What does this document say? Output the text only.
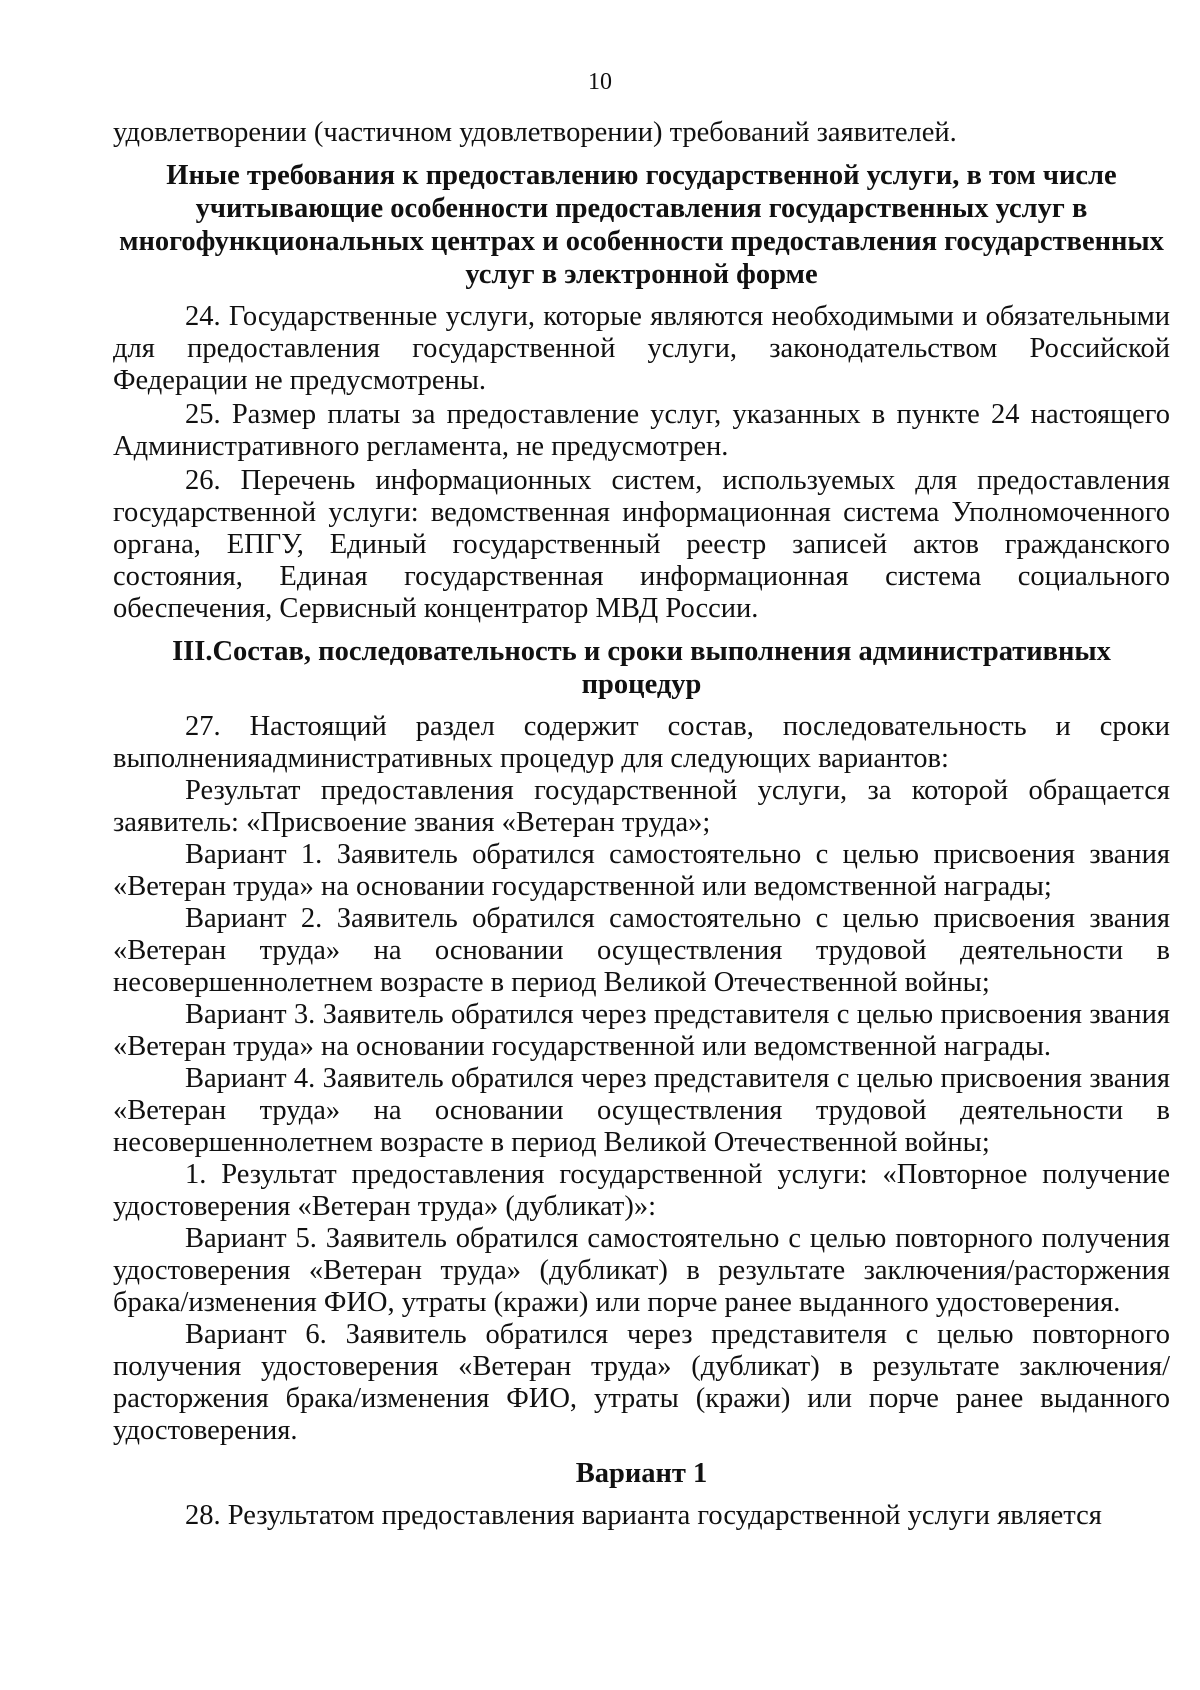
10

удовлетворении (частичном удовлетворении) требований заявителей.

Иные требования к предоставлению государственной услуги, в том числе учитывающие особенности предоставления государственных услуг в многофункциональных центрах и особенности предоставления государственных услуг в электронной форме

24. Государственные услуги, которые являются необходимыми и обязательными для предоставления государственной услуги, законодательством Российской Федерации не предусмотрены.

25. Размер платы за предоставление услуг, указанных в пункте 24 настоящего Административного регламента, не предусмотрен.

26. Перечень информационных систем, используемых для предоставления государственной услуги: ведомственная информационная система Уполномоченного органа, ЕПГУ, Единый государственный реестр записей актов гражданского состояния, Единая государственная информационная система социального обеспечения, Сервисный концентратор МВД России.

III.Состав, последовательность и сроки выполнения административных процедур

27. Настоящий раздел содержит состав, последовательность и сроки выполненияадминистративных процедур для следующих вариантов:

Результат предоставления государственной услуги, за которой обращается заявитель: «Присвоение звания «Ветеран труда»;

Вариант 1. Заявитель обратился самостоятельно с целью присвоения звания «Ветеран труда» на основании государственной или ведомственной награды;

Вариант 2. Заявитель обратился самостоятельно с целью присвоения звания «Ветеран труда» на основании осуществления трудовой деятельности в несовершеннолетнем возрасте в период Великой Отечественной войны;

Вариант 3. Заявитель обратился через представителя с целью присвоения звания «Ветеран труда» на основании государственной или ведомственной награды.

Вариант 4. Заявитель обратился через представителя с целью присвоения звания «Ветеран труда» на основании осуществления трудовой деятельности в несовершеннолетнем возрасте в период Великой Отечественной войны;

1. Результат предоставления государственной услуги: «Повторное получение удостоверения «Ветеран труда» (дубликат)»:

Вариант 5. Заявитель обратился самостоятельно с целью повторного получения удостоверения «Ветеран труда» (дубликат) в результате заключения/расторжения брака/изменения ФИО, утраты (кражи) или порче ранее выданного удостоверения.

Вариант 6. Заявитель обратился через представителя с целью повторного получения удостоверения «Ветеран труда» (дубликат) в результате заключения/расторжения брака/изменения ФИО, утраты (кражи) или порче ранее выданного удостоверения.

Вариант 1

28. Результатом предоставления варианта государственной услуги является
